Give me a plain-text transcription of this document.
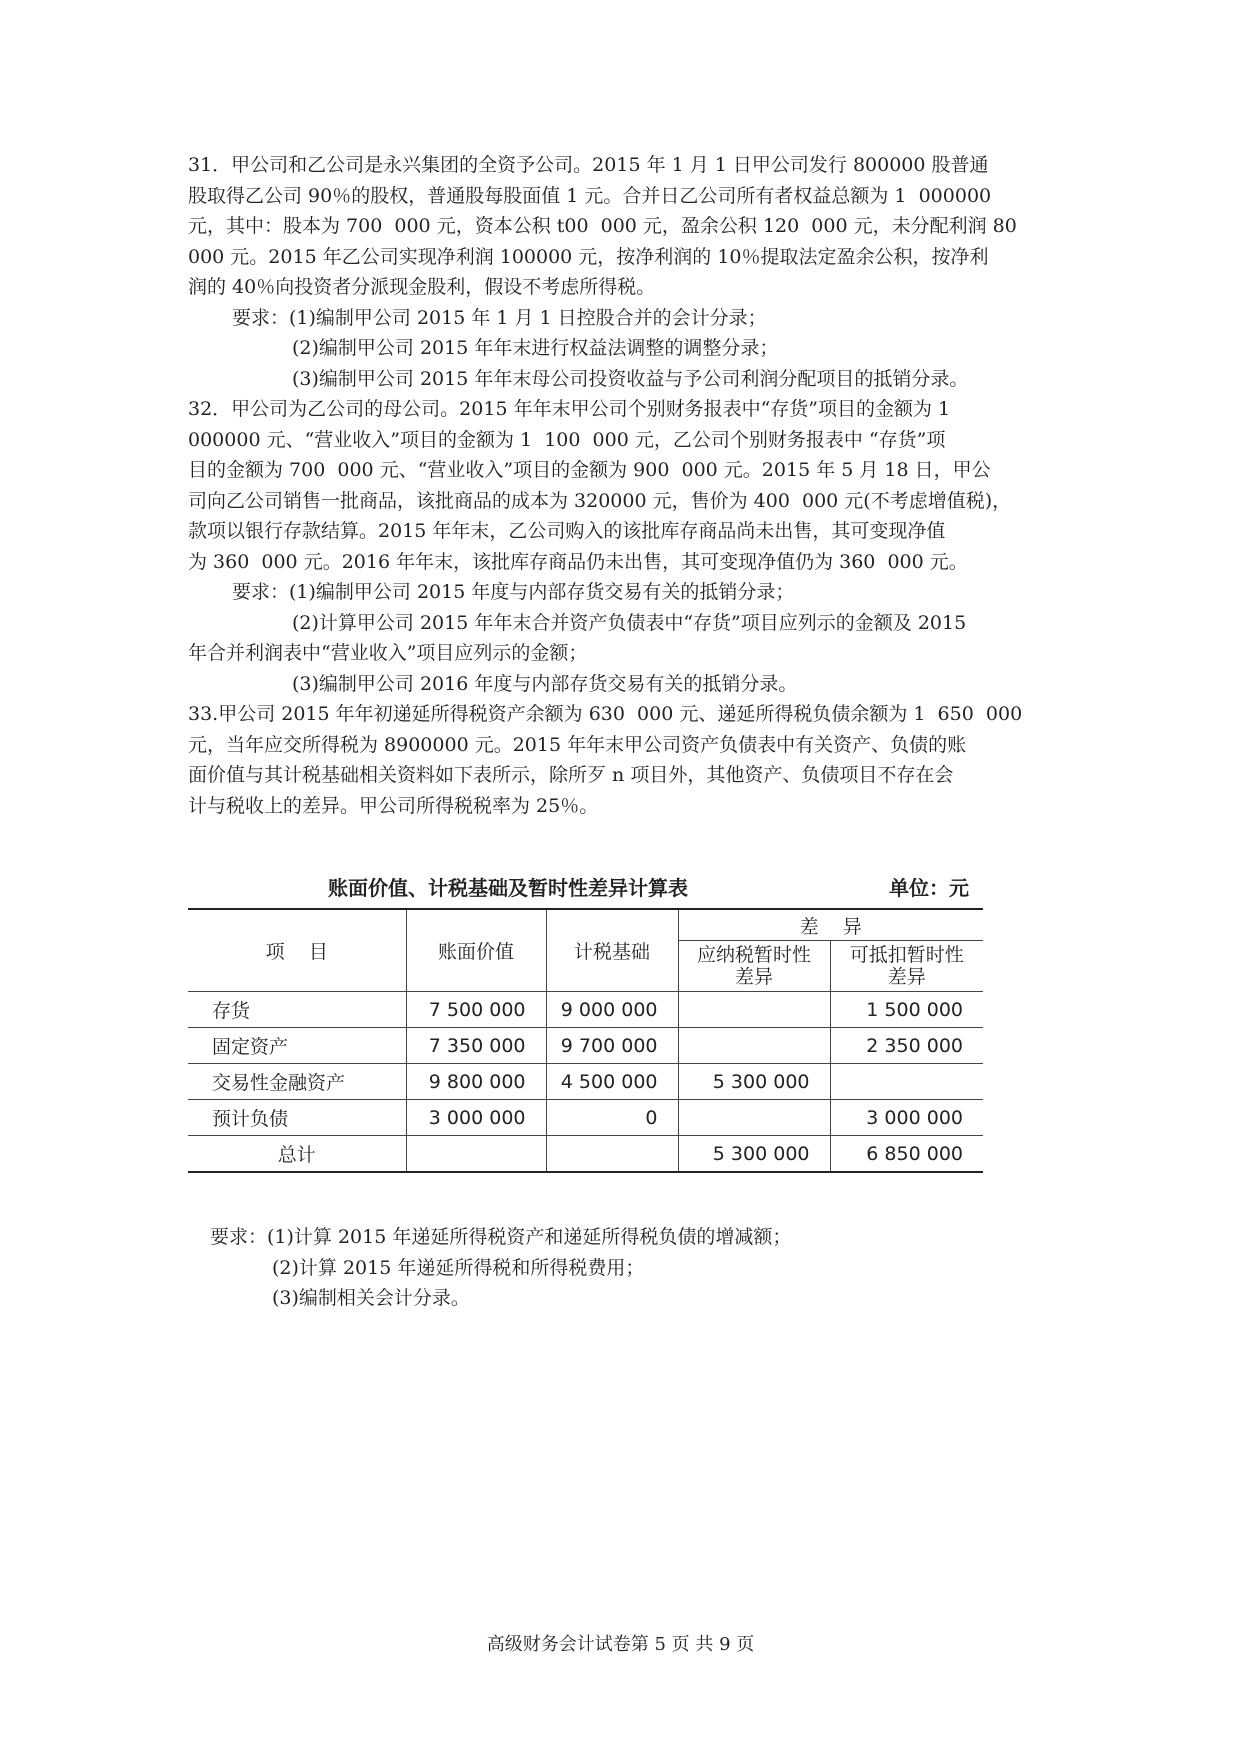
31．甲公司和乙公司是永兴集团的全资予公司。2015 年 1 月 1 日甲公司发行 800000 股普通
股取得乙公司 90％的股权，普通股每股面值 1 元。合并日乙公司所有者权益总额为 1  000000
元，其中：股本为 700  000 元，资本公积 t00  000 元，盈余公积 120  000 元，未分配利润 80
000 元。2015 年乙公司实现净利润 100000 元，按净利润的 10％提取法定盈余公积，按净利
润的 40％向投资者分派现金股利，假设不考虑所得税。
要求：(1)编制甲公司 2015 年 1 月 1 日控股合并的会计分录；
(2)编制甲公司 2015 年年末进行权益法调整的调整分录；
(3)编制甲公司 2015 年年末母公司投资收益与予公司利润分配项目的抵销分录。
32．甲公司为乙公司的母公司。2015 年年末甲公司个别财务报表中“存货”项目的金额为 1
000000 元、“营业收入”项目的金额为 1  100  000 元，乙公司个别财务报表中 “存货”项
目的金额为 700  000 元、“营业收入”项目的金额为 900  000 元。2015 年 5 月 18 日，甲公
司向乙公司销售一批商品，该批商品的成本为 320000 元，售价为 400  000 元(不考虑增值税)，
款项以银行存款结算。2015 年年末，乙公司购入的该批库存商品尚未出售，其可变现净值
为 360  000 元。2016 年年末，该批库存商品仍未出售，其可变现净值仍为 360  000 元。
要求：(1)编制甲公司 2015 年度与内部存货交易有关的抵销分录；
(2)计算甲公司 2015 年年末合并资产负债表中“存货”项目应列示的金额及 2015
年合并利润表中“营业收入”项目应列示的金额；
(3)编制甲公司 2016 年度与内部存货交易有关的抵销分录。
33.甲公司 2015 年年初递延所得税资产余额为 630  000 元、递延所得税负债余额为 1  650  000
元，当年应交所得税为 8900000 元。2015 年年末甲公司资产负债表中有关资产、负债的账
面价值与其计税基础相关资料如下表所示，除所歹 n 项目外，其他资产、负债项目不存在会
计与税收上的差异。甲公司所得税税率为 25％。
账面价值、计税基础及暂时性差异计算表	单位：元
项    目	账面价值	计税基础	差    异	
			应纳税暂时性差异	可抵扣暂时性差异
存货	7 500 000	9 000 000		1 500 000
固定资产	7 350 000	9 700 000		2 350 000
交易性金融资产	9 800 000	4 500 000	5 300 000	
预计负债	3 000 000	0		3 000 000
总计			5 300 000	6 850 000
要求：(1)计算 2015 年递延所得税资产和递延所得税负债的增减额；
(2)计算 2015 年递延所得税和所得税费用；
(3)编制相关会计分录。
高级财务会计试卷第 5 页 共 9 页
